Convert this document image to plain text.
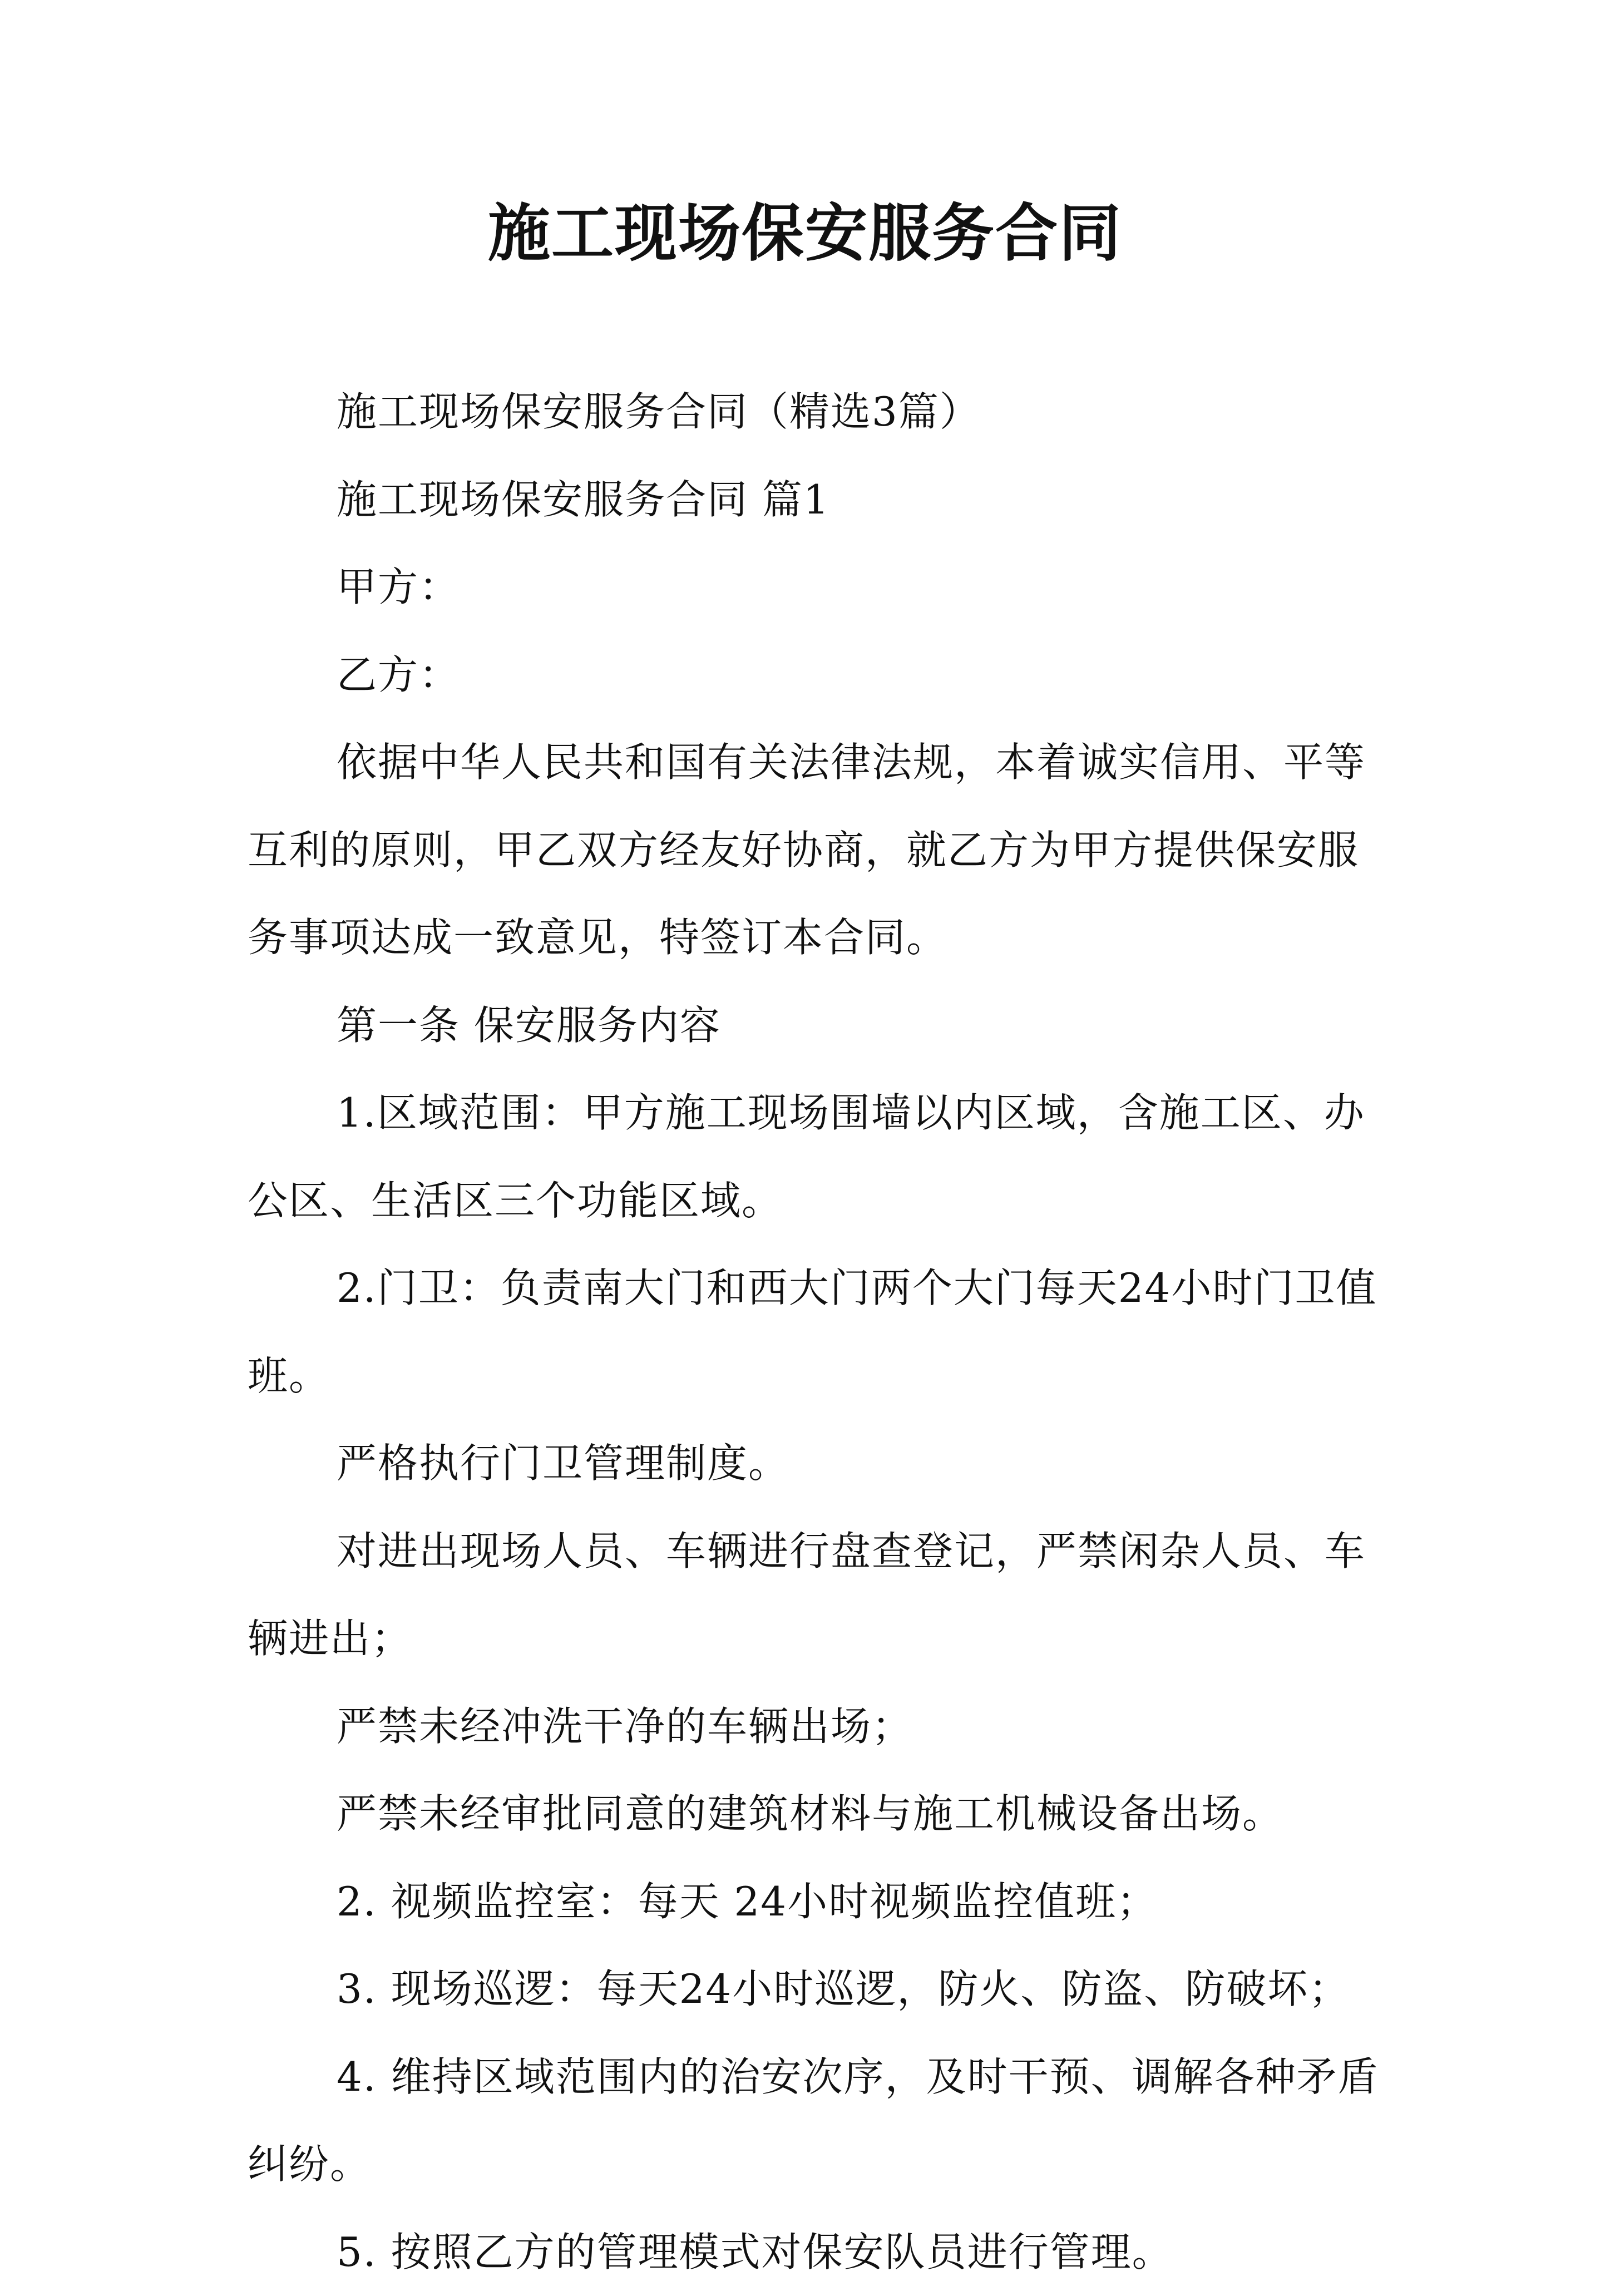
施工现场保安服务合同

施工现场保安服务合同（精选3篇）

施工现场保安服务合同 篇1

甲方：

乙方：

依据中华人民共和国有关法律法规，本着诚实信用、平等互利的原则，甲乙双方经友好协商，就乙方为甲方提供保安服务事项达成一致意见，特签订本合同。

第一条 保安服务内容

1.区域范围：甲方施工现场围墙以内区域，含施工区、办公区、生活区三个功能区域。

2.门卫：负责南大门和西大门两个大门每天24小时门卫值班。

严格执行门卫管理制度。

对进出现场人员、车辆进行盘查登记，严禁闲杂人员、车辆进出；

严禁未经冲洗干净的车辆出场；

严禁未经审批同意的建筑材料与施工机械设备出场。

2. 视频监控室：每天 24小时视频监控值班；

3. 现场巡逻：每天24小时巡逻，防火、防盗、防破坏；

4. 维持区域范围内的治安次序，及时干预、调解各种矛盾纠纷。

5. 按照乙方的管理模式对保安队员进行管理。
